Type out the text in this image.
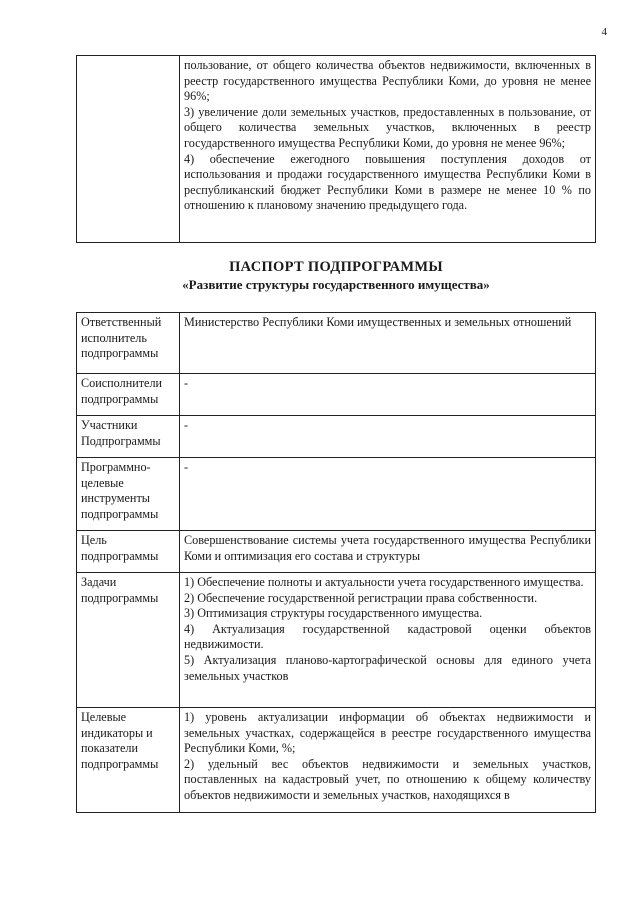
4

пользование, от общего количества объектов недвижимости, включенных в реестр государственного имущества Республики Коми, до уровня не менее 96%;
3) увеличение доли земельных участков, предоставленных в пользование, от общего количества земельных участков, включенных в реестр государственного имущества Республики Коми, до уровня не менее 96%;
4) обеспечение ежегодного повышения поступления доходов от использования и продажи государственного имущества Республики Коми в республиканский бюджет Республики Коми в размере не менее 10 % по отношению к плановому значению предыдущего года.
ПАСПОРТ ПОДПРОГРАММЫ
«Развитие структуры государственного имущества»
Ответственный исполнитель подпрограммы	Министерство Республики Коми имущественных и земельных отношений
Соисполнители подпрограммы	-
Участники Подпрограммы	-
Программно-целевые инструменты подпрограммы	-
Цель подпрограммы	Совершенствование системы учета государственного имущества Республики Коми и оптимизация его состава и структуры
Задачи подпрограммы	1) Обеспечение полноты и актуальности учета государственного имущества.
2) Обеспечение государственной регистрации права собственности.
3) Оптимизация структуры государственного имущества.
4) Актуализация государственной кадастровой оценки объектов недвижимости.
5) Актуализация планово-картографической основы для единого учета земельных участков

Целевые индикаторы и показатели подпрограммы	1) уровень актуализации информации об объектах недвижимости и земельных участках, содержащейся в реестре государственного имущества Республики Коми, %;
2) удельный вес объектов недвижимости и земельных участков, поставленных на кадастровый учет, по отношению к общему количеству объектов недвижимости и земельных участков, находящихся в
